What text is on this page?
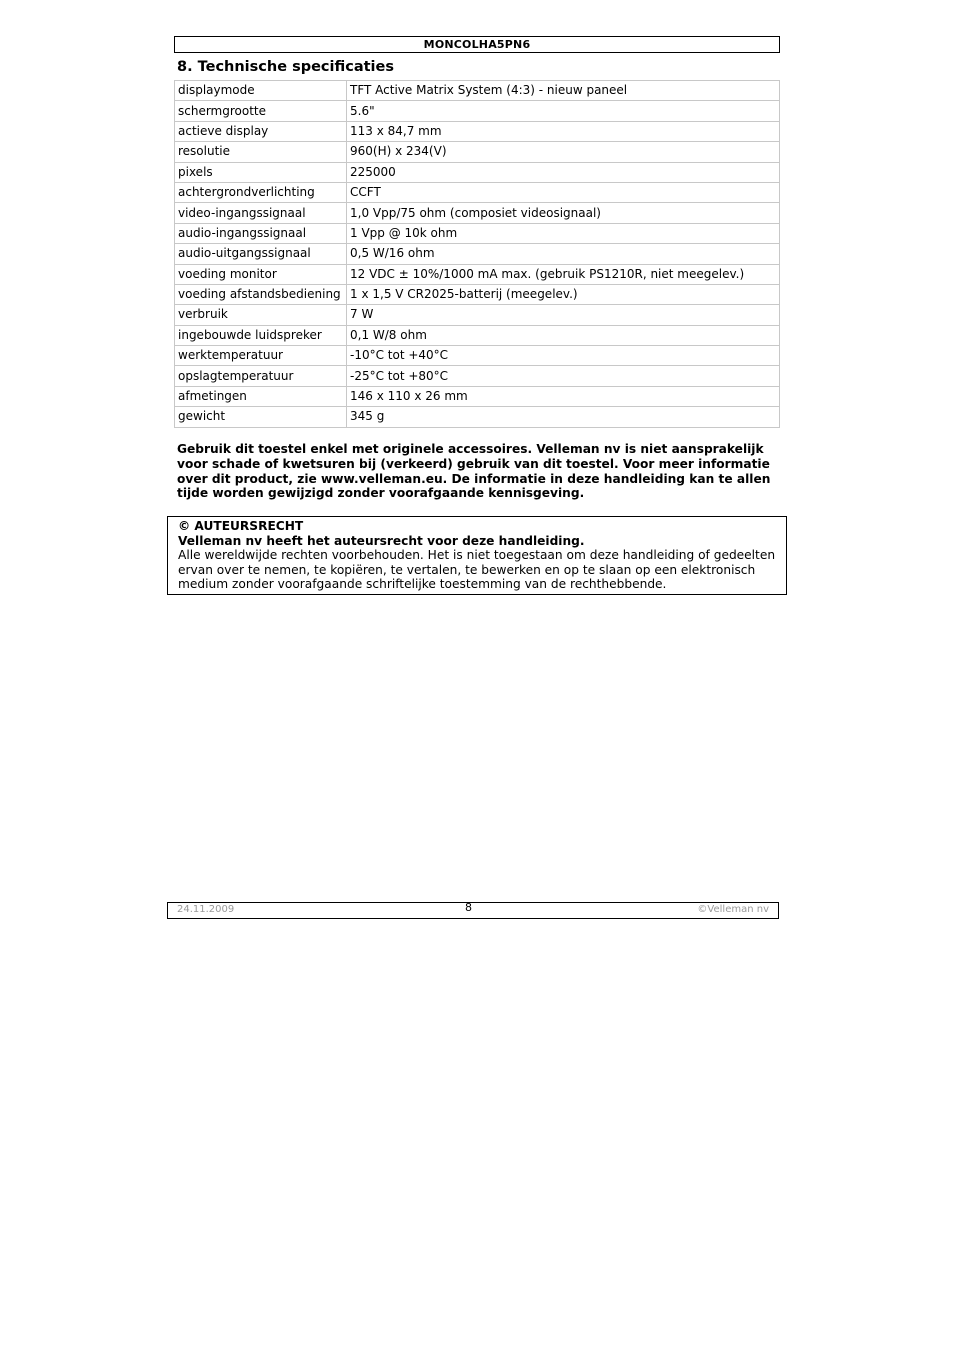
MONCOLHA5PN6
8. Technische specificaties
displaymode	TFT Active Matrix System (4:3) - nieuw paneel
schermgrootte	5.6"
actieve display	113 x 84,7 mm
resolutie	960(H) x 234(V)
pixels	225000
achtergrondverlichting	CCFT
video-ingangssignaal	1,0 Vpp/75 ohm (composiet videosignaal)
audio-ingangssignaal	1 Vpp @ 10k ohm
audio-uitgangssignaal	0,5 W/16 ohm
voeding monitor	12 VDC ± 10%/1000 mA max. (gebruik PS1210R, niet meegelev.)
voeding afstandsbediening	1 x 1,5 V CR2025-batterij (meegelev.)
verbruik	7 W
ingebouwde luidspreker	0,1 W/8 ohm
werktemperatuur	-10°C tot +40°C
opslagtemperatuur	-25°C tot +80°C
afmetingen	146 x 110 x 26 mm
gewicht	345 g
Gebruik dit toestel enkel met originele accessoires. Velleman nv is niet aansprakelijk
voor schade of kwetsuren bij (verkeerd) gebruik van dit toestel. Voor meer informatie
over dit product, zie www.velleman.eu. De informatie in deze handleiding kan te allen
tijde worden gewijzigd zonder voorafgaande kennisgeving.
© AUTEURSRECHT
Velleman nv heeft het auteursrecht voor deze handleiding.
Alle wereldwijde rechten voorbehouden. Het is niet toegestaan om deze handleiding of gedeelten
ervan over te nemen, te kopiëren, te vertalen, te bewerken en op te slaan op een elektronisch
medium zonder voorafgaande schriftelijke toestemming van de rechthebbende.
24.11.2009	8	©Velleman nv
